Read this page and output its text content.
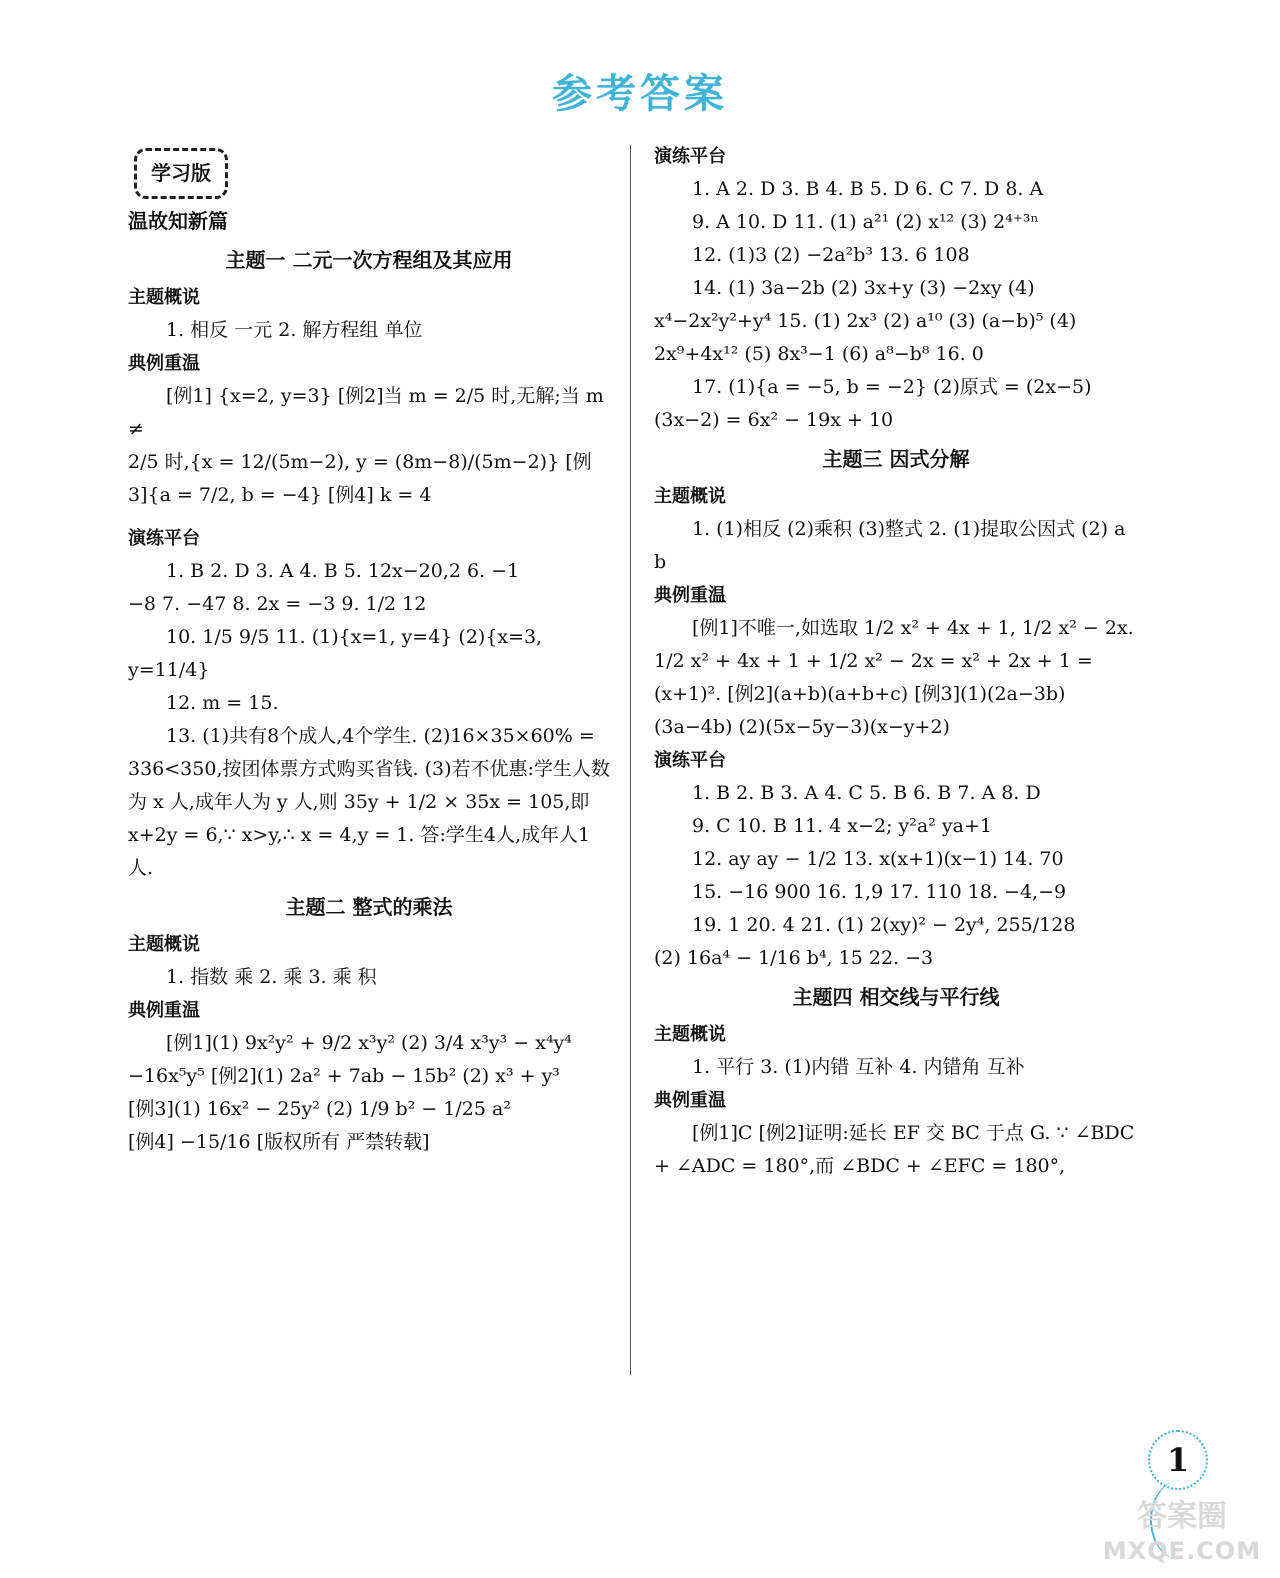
参考答案
学习版
温故知新篇
主题一 二元一次方程组及其应用
主题概说
1. 相反 一元 2. 解方程组 单位
典例重温
[例1] {x=2, y=3} [例2]当 m = 2/5 时,无解;当 m ≠
2/5 时,{x = 12/(5m−2), y = (8m−8)/(5m−2)} [例3]{a = 7/2, b = −4} [例4] k = 4
演练平台
1. B 2. D 3. A 4. B 5. 12x−20,2 6. −1
−8 7. −47 8. 2x = −3 9. 1/2 12
10. 1/5 9/5 11. (1){x=1, y=4} (2){x=3, y=11/4}
12. m = 15.
13. (1)共有8个成人,4个学生. (2)16×35×60% = 336<350,按团体票方式购买省钱. (3)若不优惠:学生人数为 x 人,成年人为 y 人,则 35y + 1/2 × 35x = 105,即 x+2y = 6,∵ x>y,∴ x = 4,y = 1. 答:学生4人,成年人1人.
主题二 整式的乘法
主题概说
1. 指数 乘 2. 乘 3. 乘 积
典例重温
[例1](1) 9x²y² + 9/2 x³y² (2) 3/4 x³y³ − x⁴y⁴
−16x⁵y⁵ [例2](1) 2a² + 7ab − 15b² (2) x³ + y³
[例3](1) 16x² − 25y² (2) 1/9 b² − 1/25 a²
[例4] −15/16 [版权所有 严禁转载]
演练平台
1. A 2. D 3. B 4. B 5. D 6. C 7. D 8. A
9. A 10. D 11. (1) a²¹ (2) x¹² (3) 2⁴⁺³ⁿ
12. (1)3 (2) −2a²b³ 13. 6 108
14. (1) 3a−2b (2) 3x+y (3) −2xy (4) x⁴−2x²y²+y⁴ 15. (1) 2x³ (2) a¹⁰ (3) (a−b)⁵ (4) 2x⁹+4x¹² (5) 8x³−1 (6) a⁸−b⁸ 16. 0
17. (1){a = −5, b = −2} (2)原式 = (2x−5)(3x−2) = 6x² − 19x + 10
主题三 因式分解
主题概说
1. (1)相反 (2)乘积 (3)整式 2. (1)提取公因式 (2) a b
典例重温
[例1]不唯一,如选取 1/2 x² + 4x + 1, 1/2 x² − 2x. 1/2 x² + 4x + 1 + 1/2 x² − 2x = x² + 2x + 1 = (x+1)². [例2](a+b)(a+b+c) [例3](1)(2a−3b)(3a−4b) (2)(5x−5y−3)(x−y+2)
演练平台
1. B 2. B 3. A 4. C 5. B 6. B 7. A 8. D
9. C 10. B 11. 4 x−2; y²a² ya+1
12. ay ay − 1/2 13. x(x+1)(x−1) 14. 70
15. −16 900 16. 1,9 17. 110 18. −4,−9
19. 1 20. 4 21. (1) 2(xy)² − 2y⁴, 255/128
(2) 16a⁴ − 1/16 b⁴, 15 22. −3
主题四 相交线与平行线
主题概说
1. 平行 3. (1)内错 互补 4. 内错角 互补
典例重温
[例1]C [例2]证明:延长 EF 交 BC 于点 G. ∵ ∠BDC + ∠ADC = 180°,而 ∠BDC + ∠EFC = 180°,
1
答案圈
MXQE.COM
